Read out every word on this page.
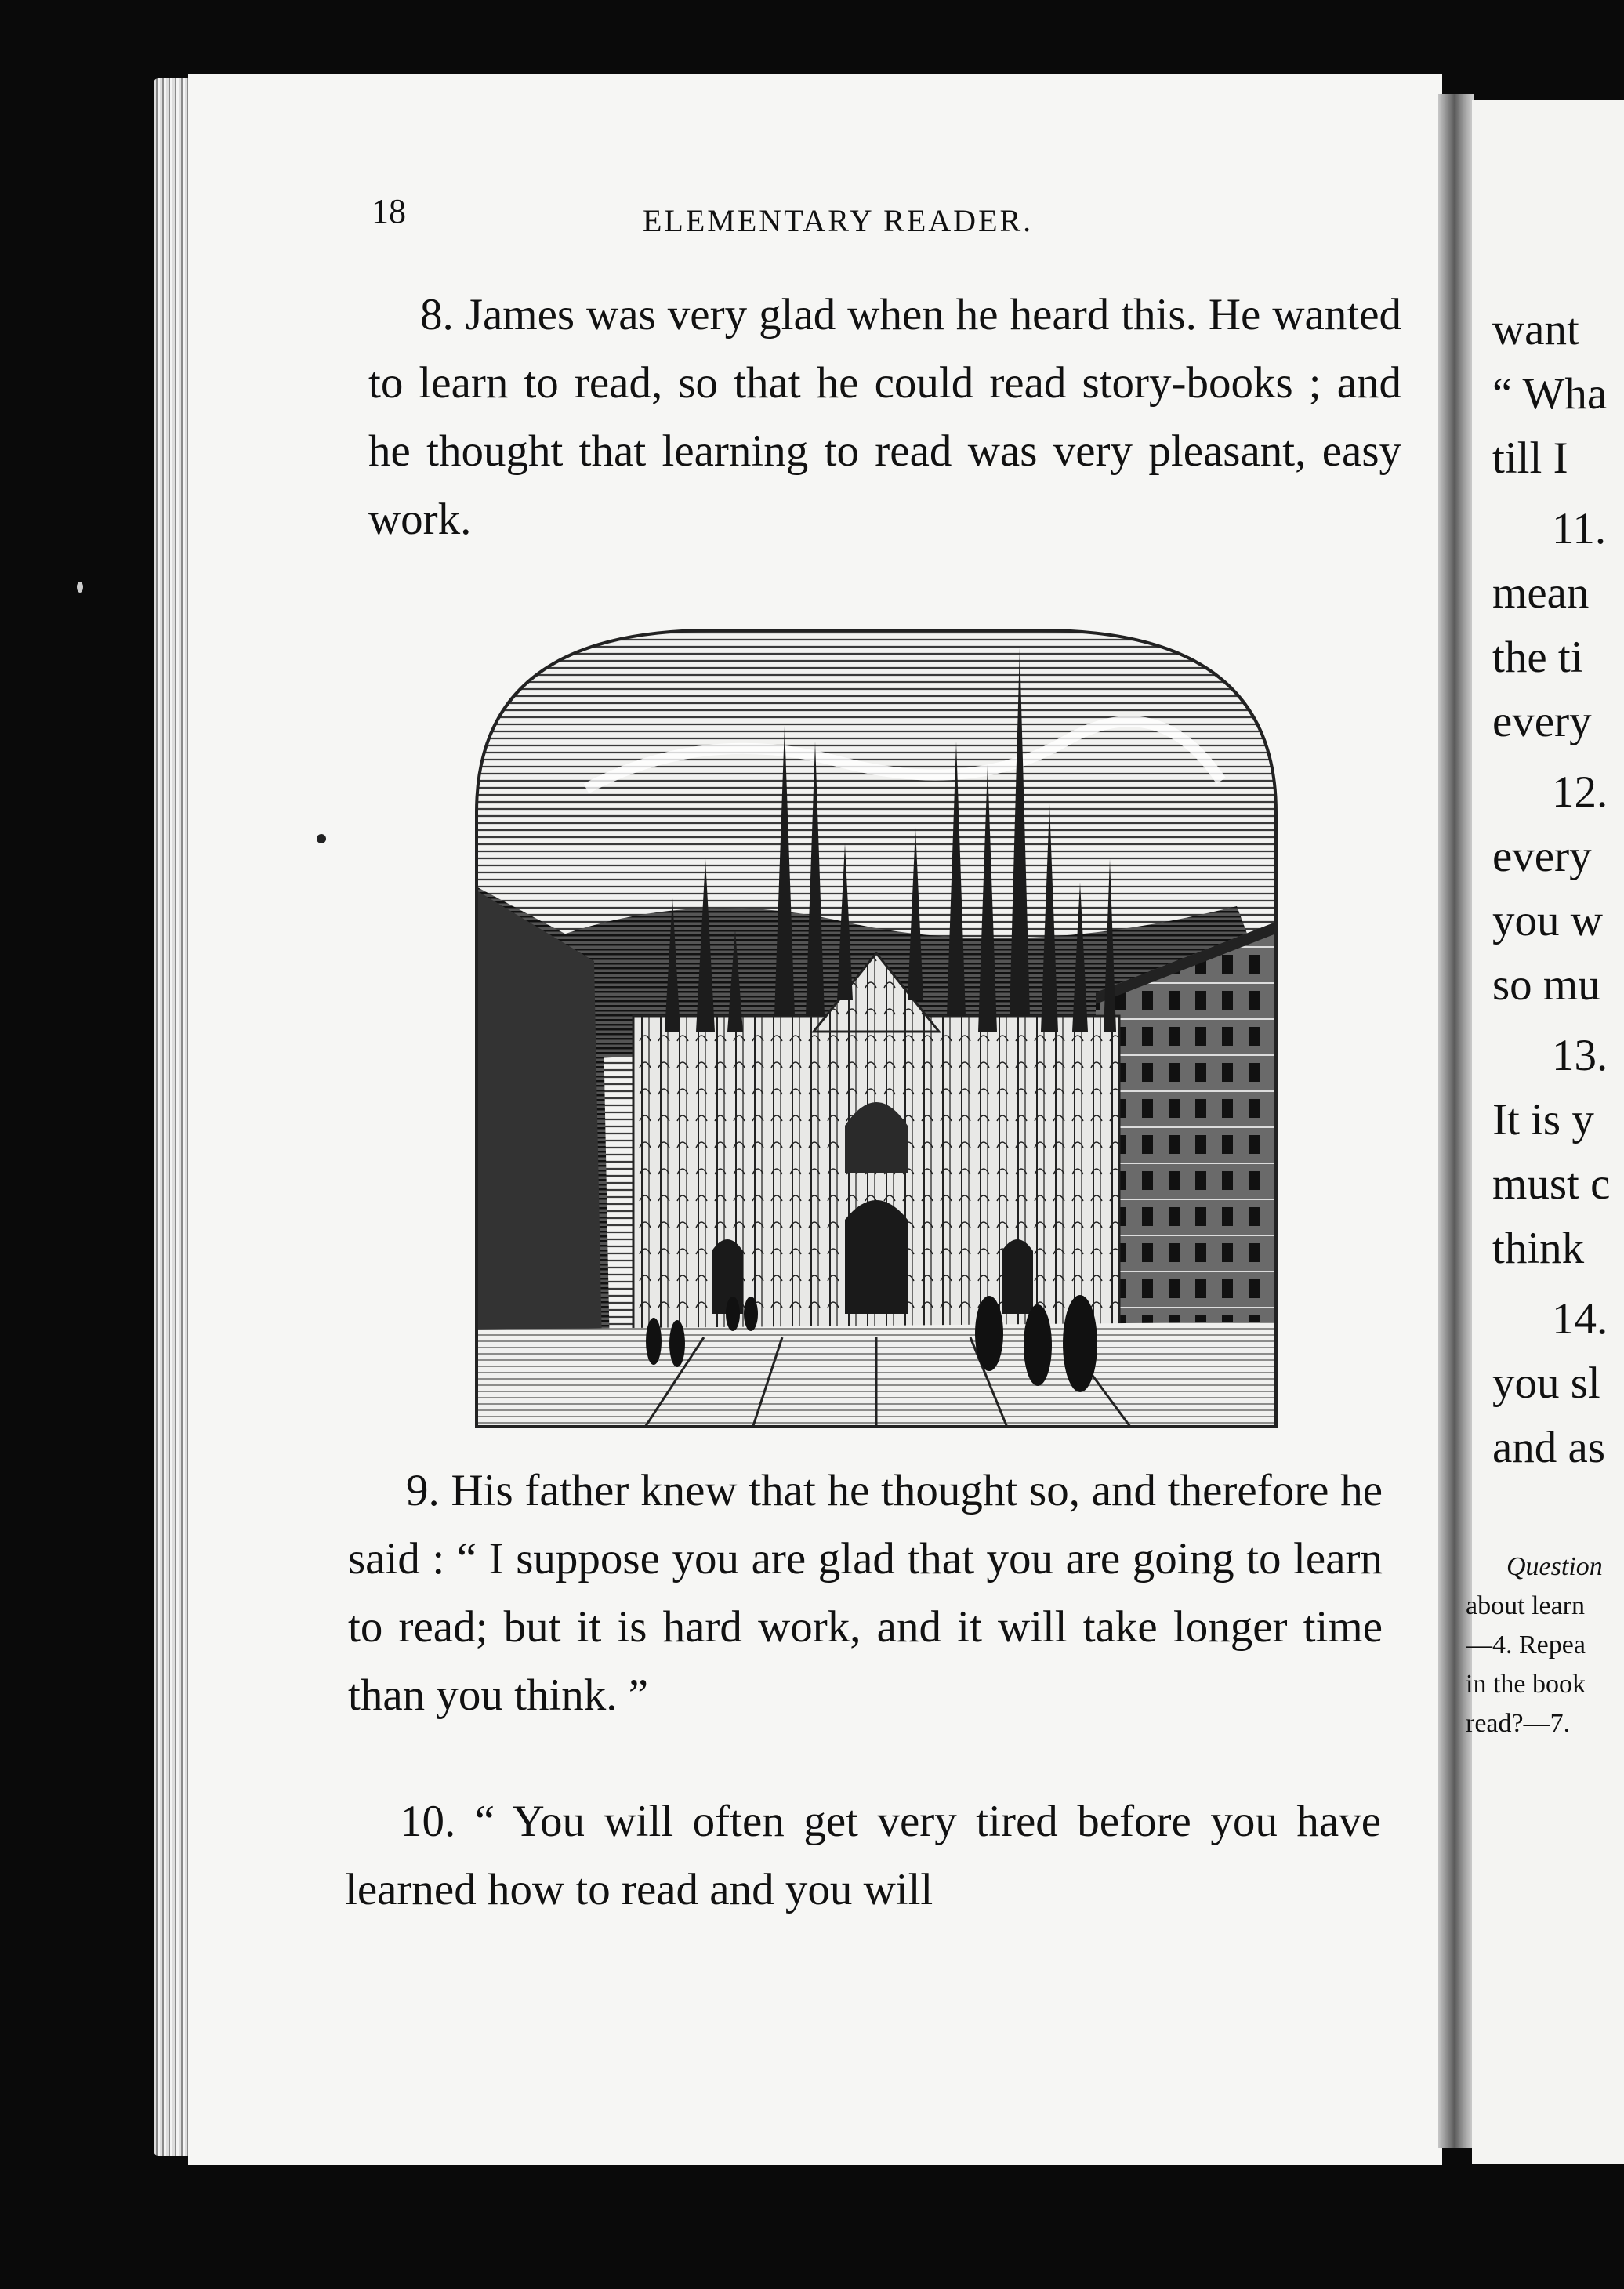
18	ELEMENTARY READER.
8. James was very glad when he heard this. He wanted to learn to read, so that he could read story-books ; and he thought that learning to read was very pleasant, easy work.
9. His father knew that he thought so, and therefore he said : “ I suppose you are glad that you are going to learn to read; but it is hard work, and it will take longer time than you think. ”
10. “ You will often get very tired before you have learned how to read and you will
want
“ Wha
till I
11.
mean
the ti
every
12.
every
you w
so mu
13.
It is y
must c
think
14.
you sl
and as
Question
about learn
—4. Repea
in the book
read?—7.
